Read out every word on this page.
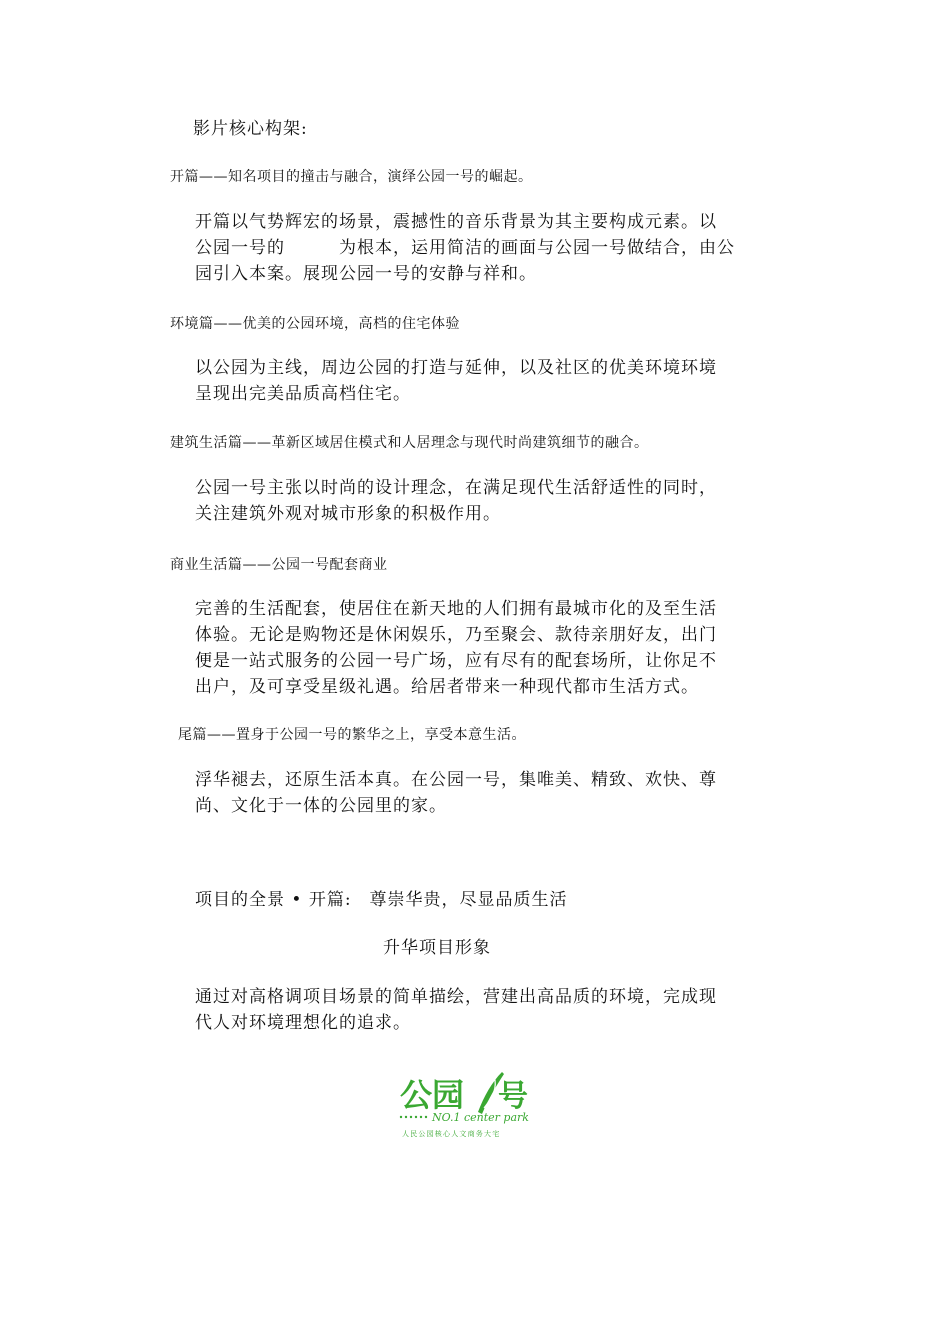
影片核心构架:
开篇——知名项目的撞击与融合，演绎公园一号的崛起。
开篇以气势辉宏的场景，震撼性的音乐背景为其主要构成元素。以
公园一号的　　　为根本，运用简洁的画面与公园一号做结合，由公
园引入本案。展现公园一号的安静与祥和。
环境篇——优美的公园环境，高档的住宅体验
以公园为主线，周边公园的打造与延伸，以及社区的优美环境环境
呈现出完美品质高档住宅。
建筑生活篇——革新区域居住模式和人居理念与现代时尚建筑细节的融合。
公园一号主张以时尚的设计理念，在满足现代生活舒适性的同时，
关注建筑外观对城市形象的积极作用。
商业生活篇——公园一号配套商业
完善的生活配套，使居住在新天地的人们拥有最城市化的及至生活
体验。无论是购物还是休闲娱乐，乃至聚会、款待亲朋好友，出门
便是一站式服务的公园一号广场，应有尽有的配套场所，让你足不
出户，及可享受星级礼遇。给居者带来一种现代都市生活方式。
尾篇——置身于公园一号的繁华之上，享受本意生活。
浮华褪去，还原生活本真。在公园一号，集唯美、精致、欢快、尊
尚、文化于一体的公园里的家。
项目的全景 • 开篇:　尊崇华贵，尽显品质生活
升华项目形象
通过对高格调项目场景的简单描绘，营建出高品质的环境，完成现
代人对环境理想化的追求。
公园 号
NO.1 center park
人民公园核心人文商务大宅
